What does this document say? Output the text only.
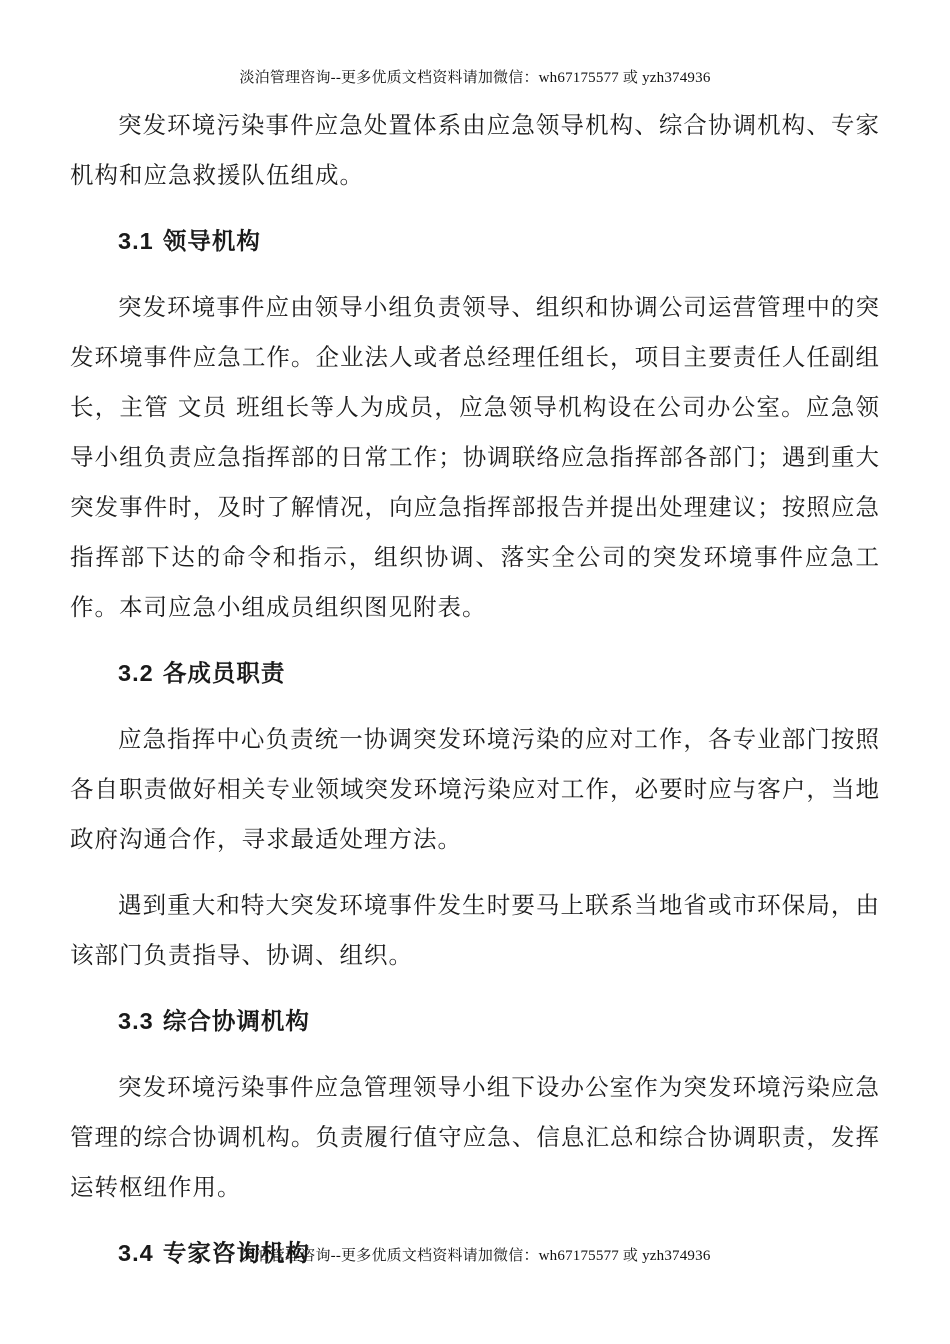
淡泊管理咨询--更多优质文档资料请加微信：wh67175577 或 yzh374936

突发环境污染事件应急处置体系由应急领导机构、综合协调机构、专家机构和应急救援队伍组成。

3.1 领导机构

突发环境事件应由领导小组负责领导、组织和协调公司运营管理中的突发环境事件应急工作。企业法人或者总经理任组长，项目主要责任人任副组长，主管 文员 班组长等人为成员，应急领导机构设在公司办公室。应急领导小组负责应急指挥部的日常工作；协调联络应急指挥部各部门；遇到重大突发事件时，及时了解情况，向应急指挥部报告并提出处理建议；按照应急指挥部下达的命令和指示，组织协调、落实全公司的突发环境事件应急工作。本司应急小组成员组织图见附表。

3.2 各成员职责

应急指挥中心负责统一协调突发环境污染的应对工作，各专业部门按照各自职责做好相关专业领域突发环境污染应对工作，必要时应与客户，当地政府沟通合作，寻求最适处理方法。

遇到重大和特大突发环境事件发生时要马上联系当地省或市环保局，由该部门负责指导、协调、组织。

3.3 综合协调机构

突发环境污染事件应急管理领导小组下设办公室作为突发环境污染应急管理的综合协调机构。负责履行值守应急、信息汇总和综合协调职责，发挥运转枢纽作用。

3.4 专家咨询机构
淡泊管理咨询--更多优质文档资料请加微信：wh67175577 或 yzh374936
